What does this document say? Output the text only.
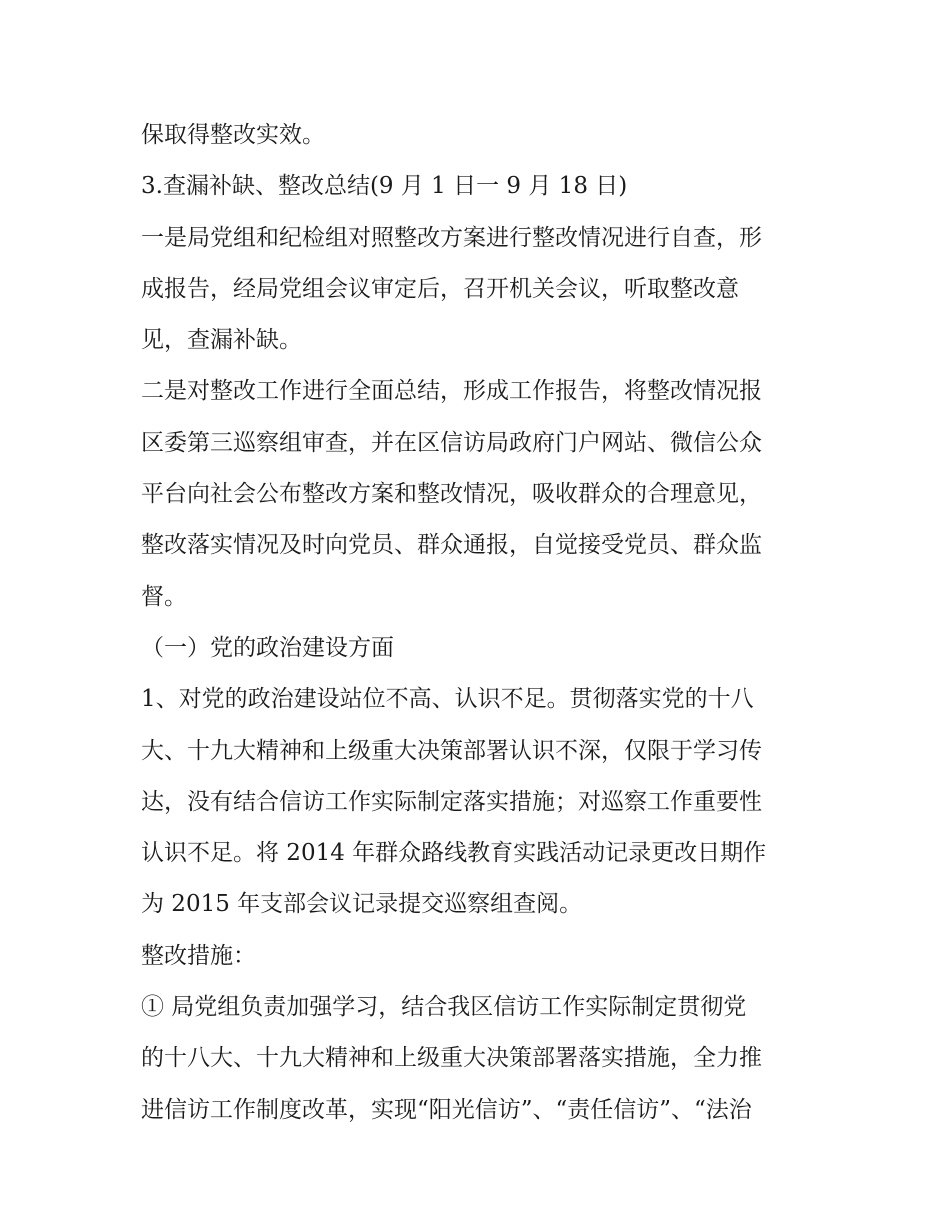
保取得整改实效。
3.查漏补缺、整改总结(9 月 1 日一 9 月 18 日)
一是局党组和纪检组对照整改方案进行整改情况进行自查，形
成报告，经局党组会议审定后，召开机关会议，听取整改意
见，查漏补缺。
二是对整改工作进行全面总结，形成工作报告，将整改情况报
区委第三巡察组审查，并在区信访局政府门户网站、微信公众
平台向社会公布整改方案和整改情况，吸收群众的合理意见，
整改落实情况及时向党员、群众通报，自觉接受党员、群众监
督。
（一）党的政治建设方面
1、对党的政治建设站位不高、认识不足。贯彻落实党的十八
大、十九大精神和上级重大决策部署认识不深，仅限于学习传
达，没有结合信访工作实际制定落实措施；对巡察工作重要性
认识不足。将 2014 年群众路线教育实践活动记录更改日期作
为 2015 年支部会议记录提交巡察组查阅。
整改措施：
① 局党组负责加强学习，结合我区信访工作实际制定贯彻党
的十八大、十九大精神和上级重大决策部署落实措施，全力推
进信访工作制度改革，实现“阳光信访”、“责任信访”、“法治
